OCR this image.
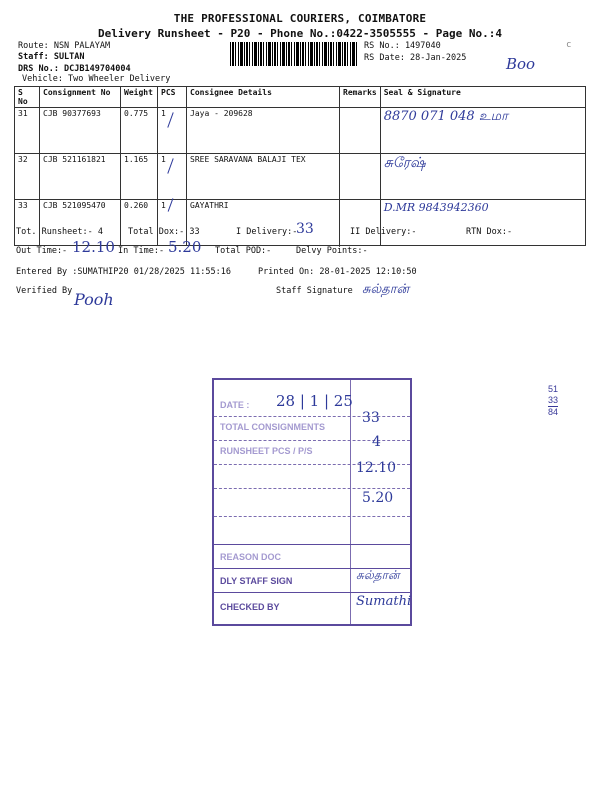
THE PROFESSIONAL COURIERS, COIMBATORE
Delivery Runsheet - P20 - Phone No.:0422-3505555 - Page No.:4
Route: NSN PALAYAM
Staff: SULTAN
DRS No.: DCJB149704004
Vehicle: Two Wheeler Delivery
RS No.: 1497040
RS Date: 28-Jan-2025
c
Boo
S No	Consignment No	Weight	PCS	Consignee Details	Remarks	Seal & Signature
31	CJB 90377693	0.775	1	Jaya - 209628		8870 071 048 உமா
32	CJB 521161821	1.165	1	SREE SARAVANA BALAJI TEX		சுரேஷ்
33	CJB 521095470	0.260	1	GAYATHRI		D.MR 9843942360
Tot. Runsheet:- 4	Total Dox:- 33	I Delivery:-
33	II Delivery:-	RTN Dox:-
Out Time:- 12.10 In Time:- 5.20 Total POD:-	Delvy Points:-
Entered By :SUMATHIP20 01/28/2025 11:55:16	Printed On: 28-01-2025 12:10:50
Verified By Pooh	Staff Signature சுல்தான்
DATE : 28 | 1 | 25
TOTAL CONSIGNMENTS
33
RUNSHEET PCS / P/S
4
12.10
5.20
REASON DOC
DLY STAFF SIGN	சுல்தான்
CHECKED BY	Sumathi
51
33
84
